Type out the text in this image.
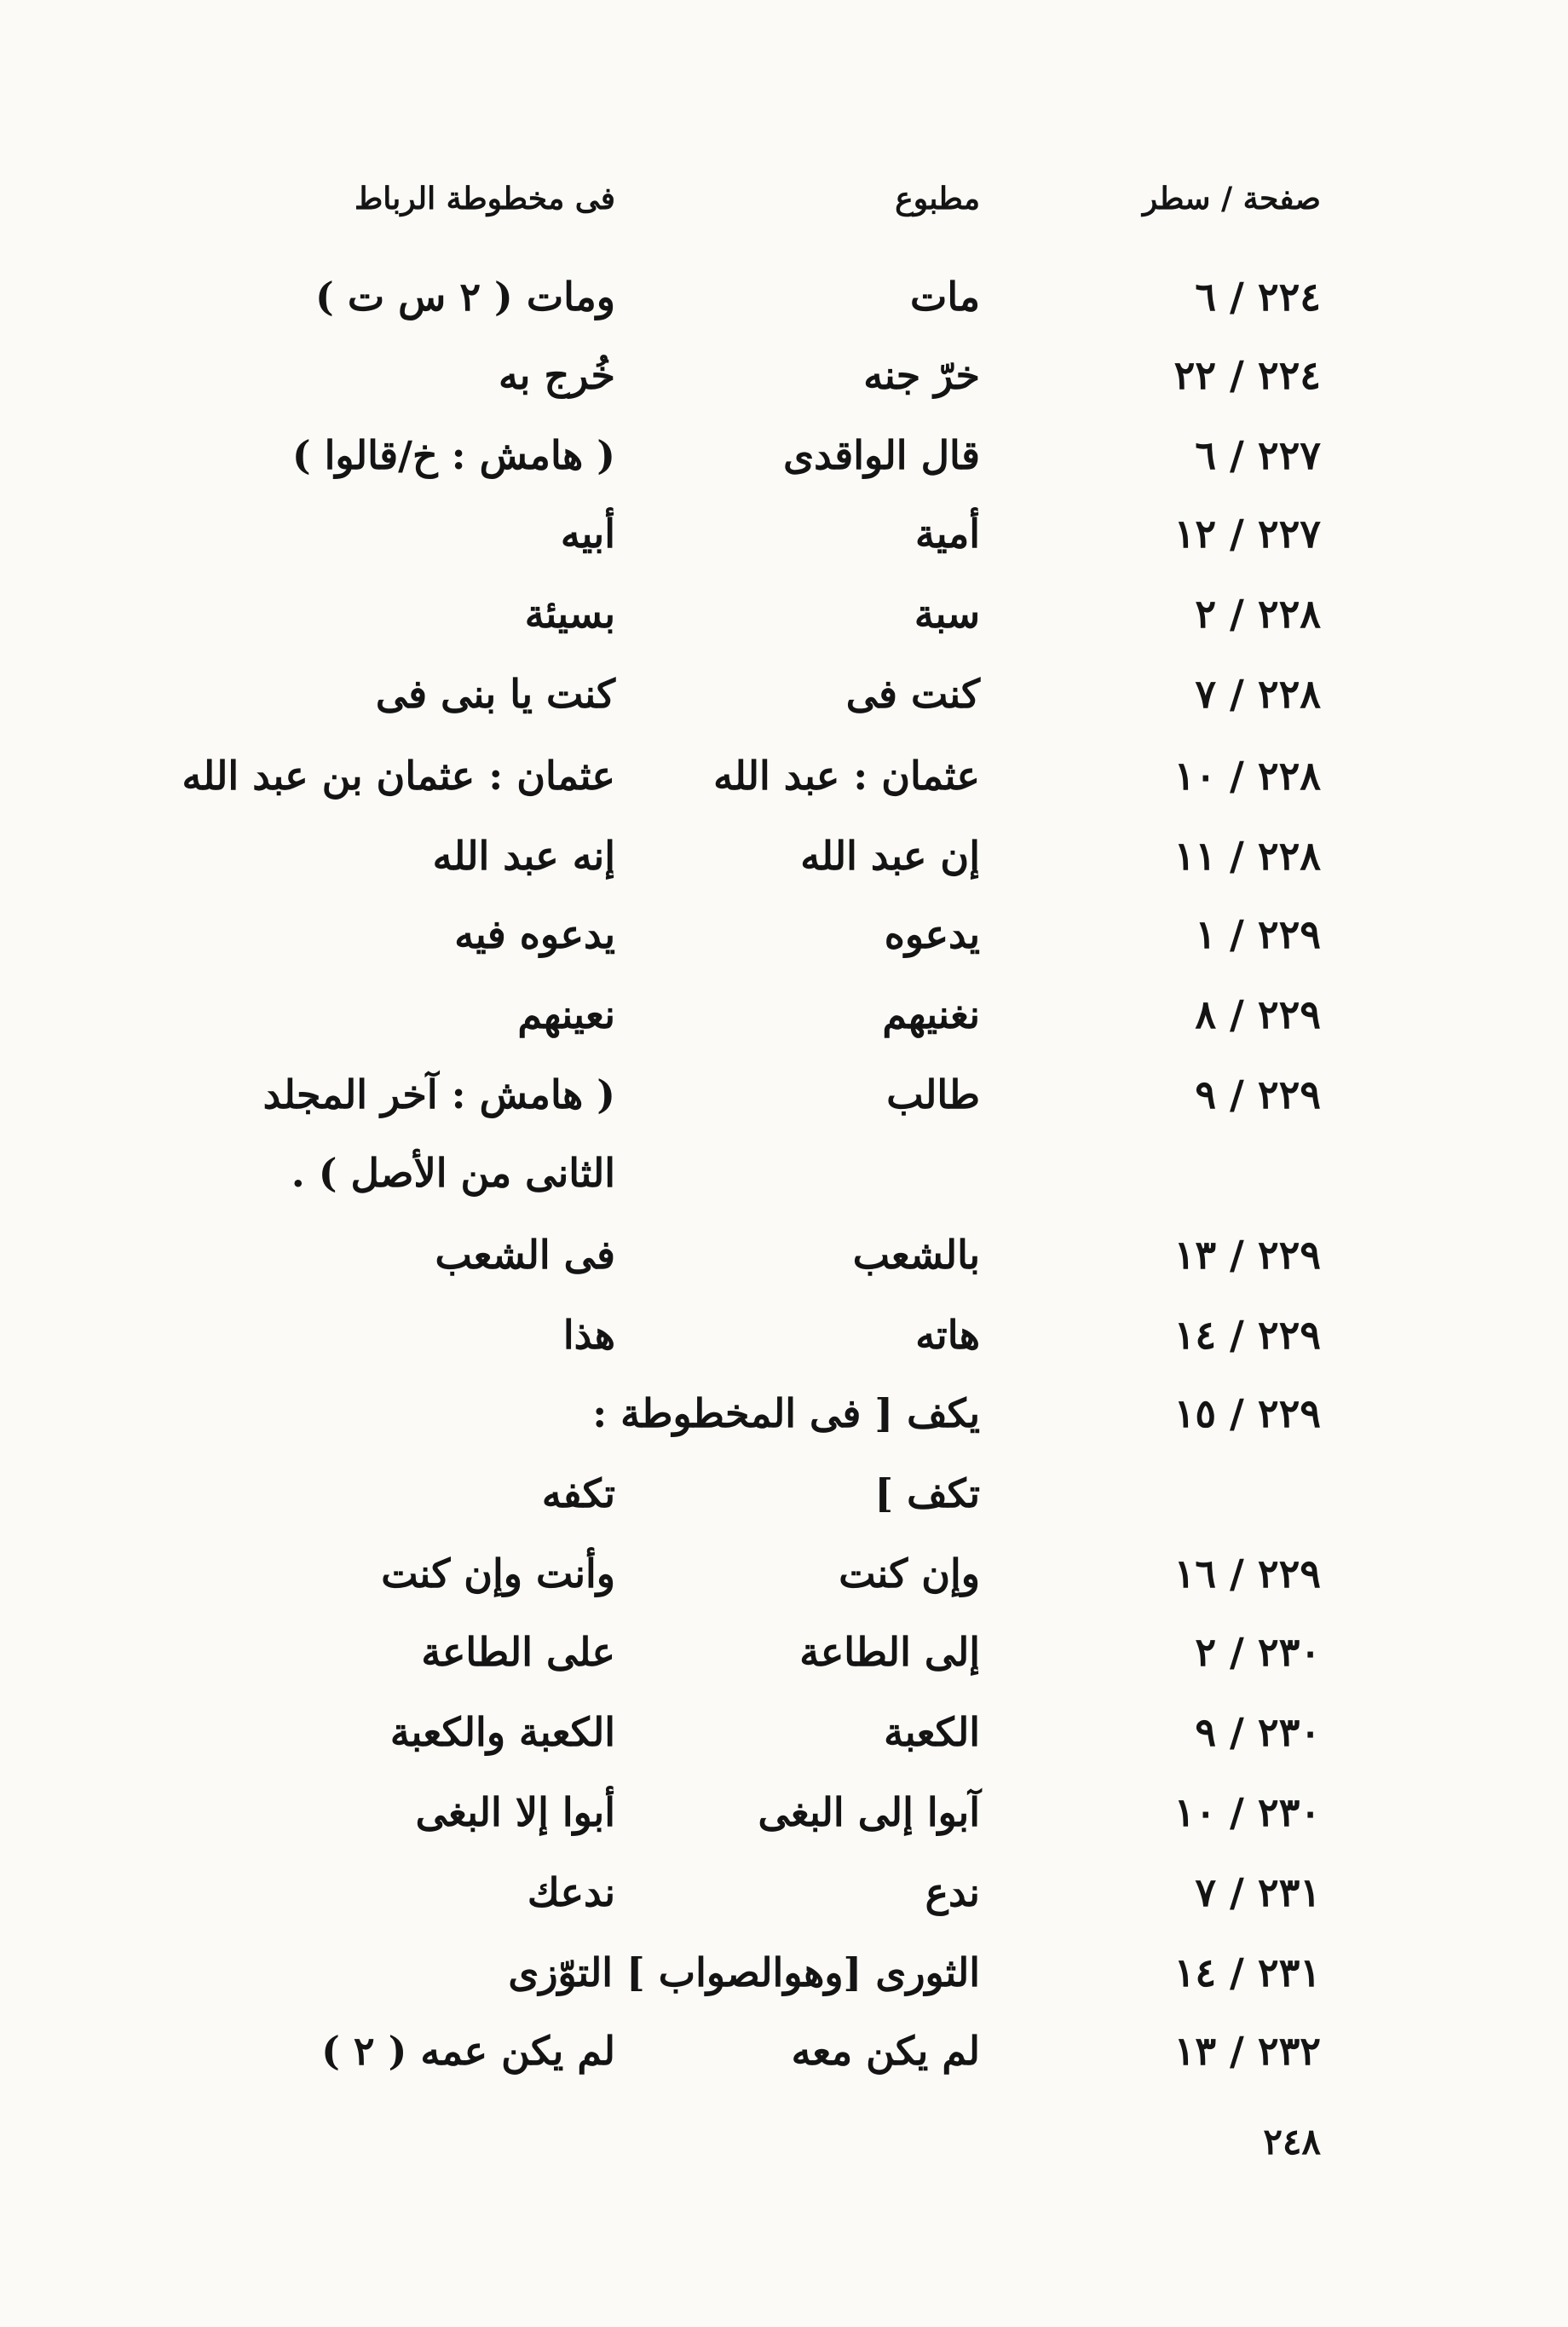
صفحة / سطر
مطبوع
فى مخطوطة الرباط
٢٢٤ / ٦
مات
ومات ( ٢ س ت )
٢٢٤ / ٢٢
خرّ جنه
خُرج به
٢٢٧ / ٦
قال الواقدى
( هامش : خ/قالوا )
٢٢٧ / ١٢
أمية
أبيه
٢٢٨ / ٢
سبة
بسيئة
٢٢٨ / ٧
كنت فى
كنت يا بنى فى
٢٢٨ / ١٠
عثمان : عبد الله
عثمان : عثمان بن عبد الله
٢٢٨ / ١١
إن عبد الله
إنه عبد الله
٢٢٩ / ١
يدعوه
يدعوه فيه
٢٢٩ / ٨
نغنيهم
نعينهم
٢٢٩ / ٩
طالب
( هامش : آخر المجلد
الثانى من الأصل ) .
٢٢٩ / ١٣
بالشعب
فى الشعب
٢٢٩ / ١٤
هاته
هذا
٢٢٩ / ١٥
يكف [ فى المخطوطة :
تكف ]
تكفه
٢٢٩ / ١٦
وإن كنت
وأنت وإن كنت
٢٣٠ / ٢
إلى الطاعة
على الطاعة
٢٣٠ / ٩
الكعبة
الكعبة والكعبة
٢٣٠ / ١٠
آبوا إلى البغى
أبوا إلا البغى
٢٣١ / ٧
ندع
ندعك
٢٣١ / ١٤
الثورى [وهوالصواب ] التوّزى
٢٣٢ / ١٣
لم يكن معه
لم يكن عمه ( ٢ )
٢٤٨
